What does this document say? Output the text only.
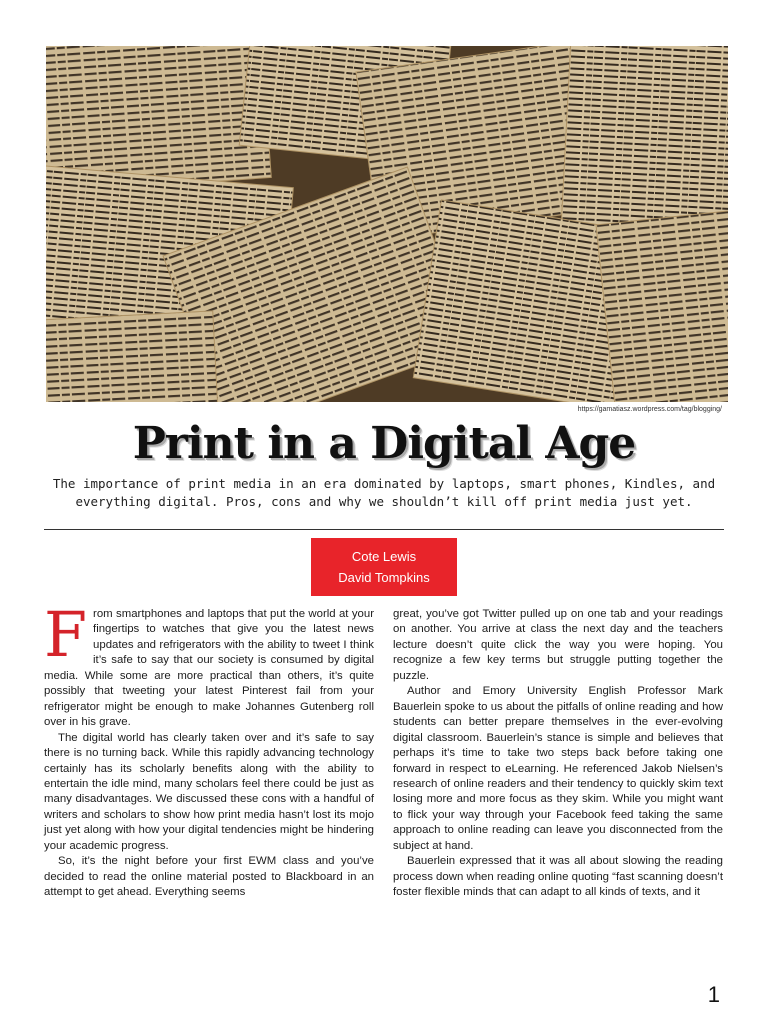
https://gamatiasz.wordpress.com/tag/blogging/
Print in a Digital Age

The importance of print media in an era dominated by laptops, smart phones, Kindles, and everything digital. Pros, cons and why we shouldn’t kill off print media just yet.

Cote Lewis
David Tompkins

From smartphones and laptops that put the world at your fingertips to watches that give you the latest news updates and refrigerators with the ability to tweet I think it’s safe to say that our society is consumed by digital media. While some are more practical than others, it’s quite possibly that tweeting your latest Pinterest fail from your refrigerator might be enough to make Johannes Gutenberg roll over in his grave.

The digital world has clearly taken over and it’s safe to say there is no turning back. While this rapidly advancing technology certainly has its scholarly benefits along with the ability to entertain the idle mind, many scholars feel there could be just as many disadvantages. We discussed these cons with a handful of writers and scholars to show how print media hasn’t lost its mojo just yet along with how your digital tendencies might be hindering your academic progress.

So, it’s the night before your first EWM class and you’ve decided to read the online material posted to Blackboard in an attempt to get ahead. Everything seems

great, you’ve got Twitter pulled up on one tab and your readings on another. You arrive at class the next day and the teachers lecture doesn’t quite click the way you were hoping. You recognize a few key terms but struggle putting together the puzzle.

Author and Emory University English Professor Mark Bauerlein spoke to us about the pitfalls of online reading and how students can better prepare themselves in the ever-evolving digital classroom. Bauerlein’s stance is simple and believes that perhaps it’s time to take two steps back before taking one forward in respect to eLearning. He referenced Jakob Nielsen’s research of online readers and their tendency to quickly skim text losing more and more focus as they skim. While you might want to flick your way through your Facebook feed taking the same approach to online reading can leave you disconnected from the subject at hand.

Bauerlein expressed that it was all about slowing the reading process down when reading online quoting “fast scanning doesn’t foster flexible minds that can adapt to all kinds of texts, and it

1
